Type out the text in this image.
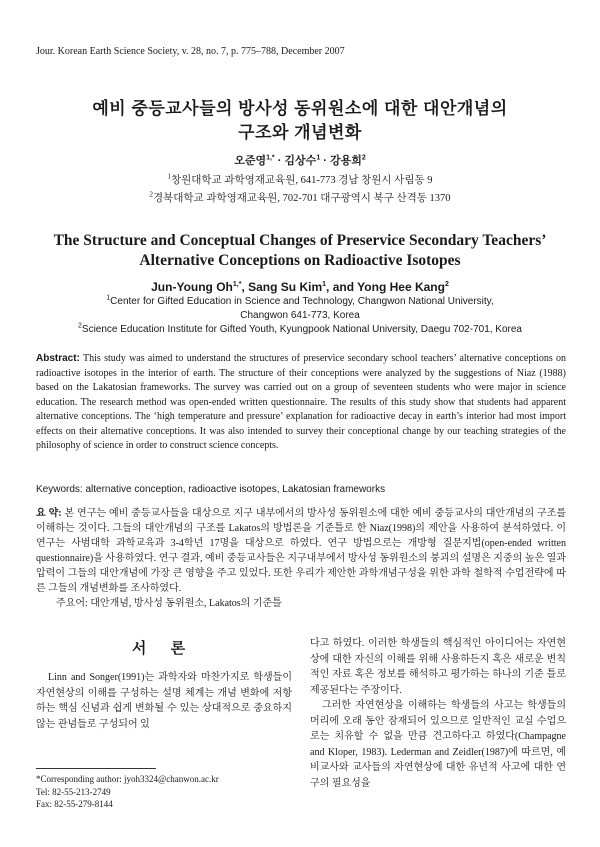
Jour. Korean Earth Science Society, v. 28, no. 7, p. 775–788, December 2007
예비 중등교사들의 방사성 동위원소에 대한 대안개념의
구조와 개념변화
오준영$^{1,*}$ · 김상수$^1$ · 강용희$^2$
$^1$창원대학교 과학영재교육원, 641-773 경남 창원시 사림동 9
$^2$경북대학교 과학영재교육원, 702-701 대구광역시 북구 산격동 1370
The Structure and Conceptual Changes of Preservice Secondary Teachers’
Alternative Conceptions on Radioactive Isotopes
Jun-Young $Oh^{1,*}$, Sang Su Kim$^1$, and Yong Hee Kang$^2$
$^1$Center for Gifted Education in Science and Technology, Changwon National University,
Changwon 641-773, Korea
$^2$Science Education Institute for Gifted Youth, Kyungpook National University, Daegu 702-701, Korea

Abstract: This study was aimed to understand the structures of preservice secondary school teachers’ alternative conceptions on radioactive isotopes in the interior of earth. The structure of their conceptions were analyzed by the suggestions of Niaz (1988) based on the Lakatosian frameworks. The survey was carried out on a group of seventeen students who were major in science education. The research method was open-ended written questionnaire. The results of this study show that students had apparent alternative conceptions. The ‘high temperature and pressure’ explanation for radioactive decay in earth’s interior had most import effects on their alternative conceptions. It was also intended to survey their conceptional change by our teaching strategies of the philosophy of science in order to construct science concepts.

Keywords: alternative conception, radioactive isotopes, Lakatosian frameworks

요 약: 본 연구는 예비 중등교사들을 대상으로 지구 내부에서의 방사성 동위원소에 대한 예비 중등교사의 대안개념의 구조를 이해하는 것이다. 그들의 대안개념의 구조를 Lakatos의 방법론을 기준틀로 한 Niaz(1998)의 제안을 사용하여 분석하였다. 이 연구는 사범대학 과학교육과 3-4학년 17명을 대상으로 하였다. 연구 방법으로는 개방형 질문지법(open-ended written questionnaire)을 사용하였다. 연구 결과, 예비 중등교사들은 지구내부에서 방사성 동위원소의 붕괴의 설명은 지중의 높은 열과 압력이 그들의 대안개념에 가장 큰 영향을 주고 있었다. 또한 우리가 제안한 과학개념구성을 위한 과학 철학적 수업전략에 따른 그들의 개념변화를 조사하였다.

주요어: 대안개념, 방사성 동위원소, Lakatos의 기준틀

서 론

Linn and Songer(1991)는 과학자와 마찬가지로 학생들이 자연현상의 이해를 구성하는 설명 체계는 개념 변화에 저항하는 핵심 신념과 쉽게 변화될 수 있는 상대적으로 중요하지 않는 관념들로 구성되어 있

다고 하였다. 이러한 학생들의 핵심적인 아이디어는 자연현상에 대한 자신의 이해를 위해 사용하든지 혹은 새로운 변칙적인 자료 혹은 정보를 해석하고 평가하는 하나의 기준 틀로 제공된다는 주장이다.

그러한 자연현상을 이해하는 학생들의 사고는 학생들의 머리에 오래 동안 잠재되어 있으므로 일반적인 교실 수업으로는 치유할 수 없을 만큼 견고하다고 하였다(Champagne and Kloper, 1983). Lederman and Zeidler(1987)에 따르면, 예비교사와 교사들의 자연현상에 대한 유년적 사고에 대한 연구의 필요성을

*Corresponding author: jyoh3324@chanwon.ac.kr
Tel: 82-55-213-2749
Fax: 82-55-279-8144
